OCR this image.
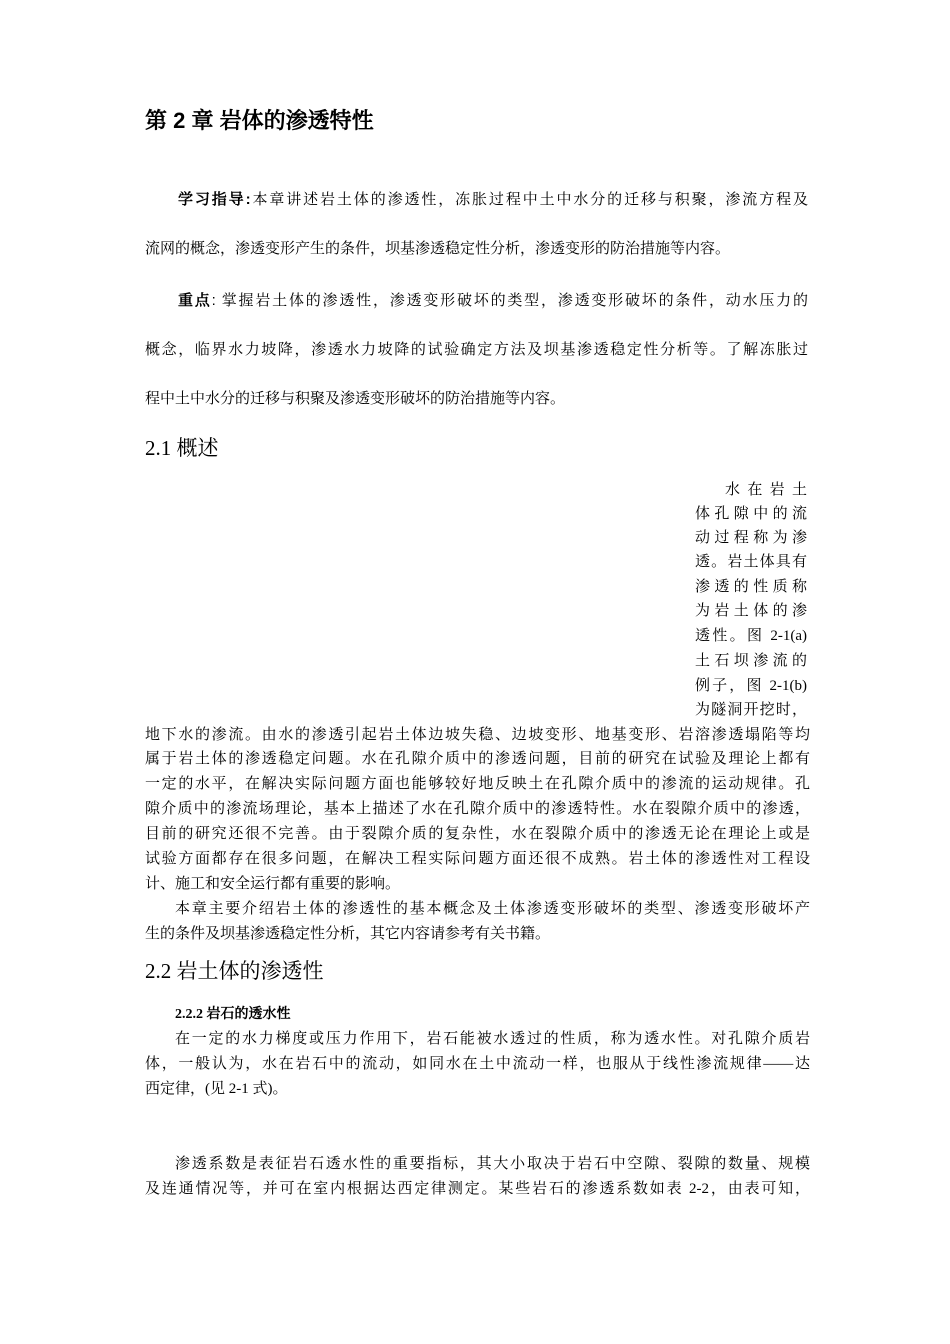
第 2 章 岩体的渗透特性
学习指导:本章讲述岩土体的渗透性，冻胀过程中土中水分的迁移与积聚，渗流方程及
流网的概念，渗透变形产生的条件，坝基渗透稳定性分析，渗透变形的防治措施等内容。
重点: 掌握岩土体的渗透性，渗透变形破坏的类型，渗透变形破坏的条件，动水压力的
概念，临界水力坡降，渗透水力坡降的试验确定方法及坝基渗透稳定性分析等。了解冻胀过
程中土中水分的迁移与积聚及渗透变形破坏的防治措施等内容。
2.1 概述
水在岩土
体孔隙中的流
动过程称为渗
透。岩土体具有
渗透的性质称
为岩土体的渗
透性。图 2-1(a)
土石坝渗流的
例子，图 2-1(b)
为隧洞开挖时，
地下水的渗流。由水的渗透引起岩土体边坡失稳、边坡变形、地基变形、岩溶渗透塌陷等均
属于岩土体的渗透稳定问题。水在孔隙介质中的渗透问题，目前的研究在试验及理论上都有
一定的水平，在解决实际问题方面也能够较好地反映土在孔隙介质中的渗流的运动规律。孔
隙介质中的渗流场理论，基本上描述了水在孔隙介质中的渗透特性。水在裂隙介质中的渗透，
目前的研究还很不完善。由于裂隙介质的复杂性，水在裂隙介质中的渗透无论在理论上或是
试验方面都存在很多问题，在解决工程实际问题方面还很不成熟。岩土体的渗透性对工程设
计、施工和安全运行都有重要的影响。
本章主要介绍岩土体的渗透性的基本概念及土体渗透变形破坏的类型、渗透变形破坏产
生的条件及坝基渗透稳定性分析，其它内容请参考有关书籍。
2.2 岩土体的渗透性
2.2.2 岩石的透水性
在一定的水力梯度或压力作用下，岩石能被水透过的性质，称为透水性。对孔隙介质岩
体，一般认为，水在岩石中的流动，如同水在土中流动一样，也服从于线性渗流规律——达
西定律，(见 2-1 式)。
渗透系数是表征岩石透水性的重要指标，其大小取决于岩石中空隙、裂隙的数量、规模
及连通情况等，并可在室内根据达西定律测定。某些岩石的渗透系数如表 2-2，由表可知，
